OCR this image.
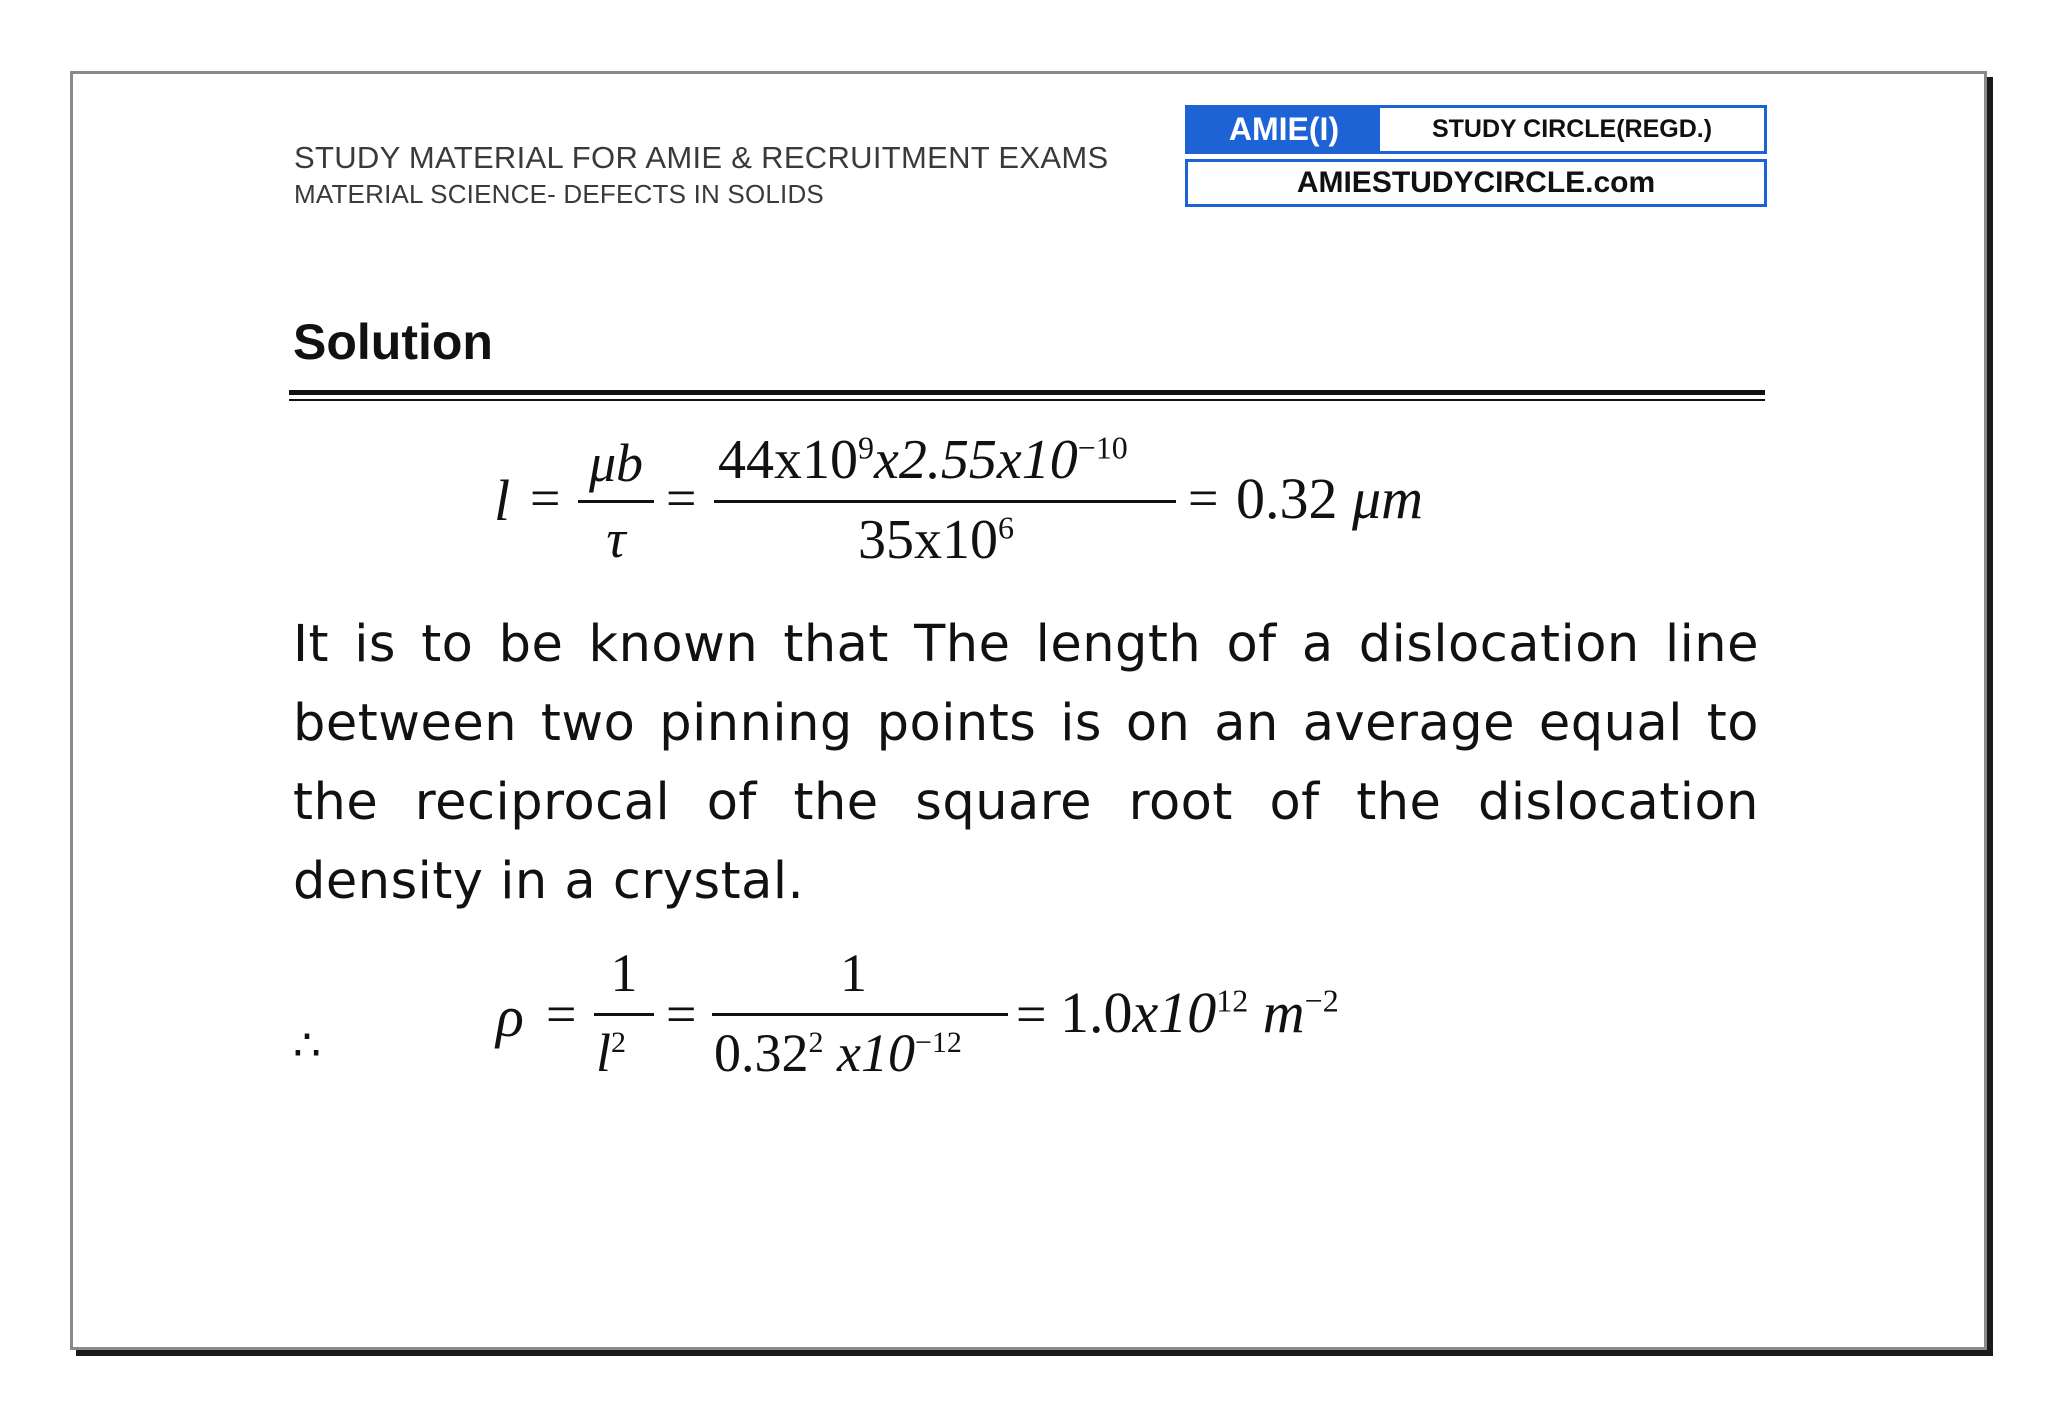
STUDY MATERIAL FOR AMIE & RECRUITMENT EXAMS
MATERIAL SCIENCE- DEFECTS IN SOLIDS
AMIE(I)	STUDY CIRCLE(REGD.)
AMIESTUDYCIRCLE.com
Solution
l =
μb
τ
=
$44x10^9x2.55x10^{-10}$
$35x10^6$	= 0.32 μm
It is to be known that The length of a dislocation line between two pinning points is on an average equal to the reciprocal of the square root of the dislocation density in a crystal.
∴	ρ =
1
$l^2$ =
1
0.32$^2$ $x10^{-12} = 1.0x10^{12}$ $m^{-2}$
